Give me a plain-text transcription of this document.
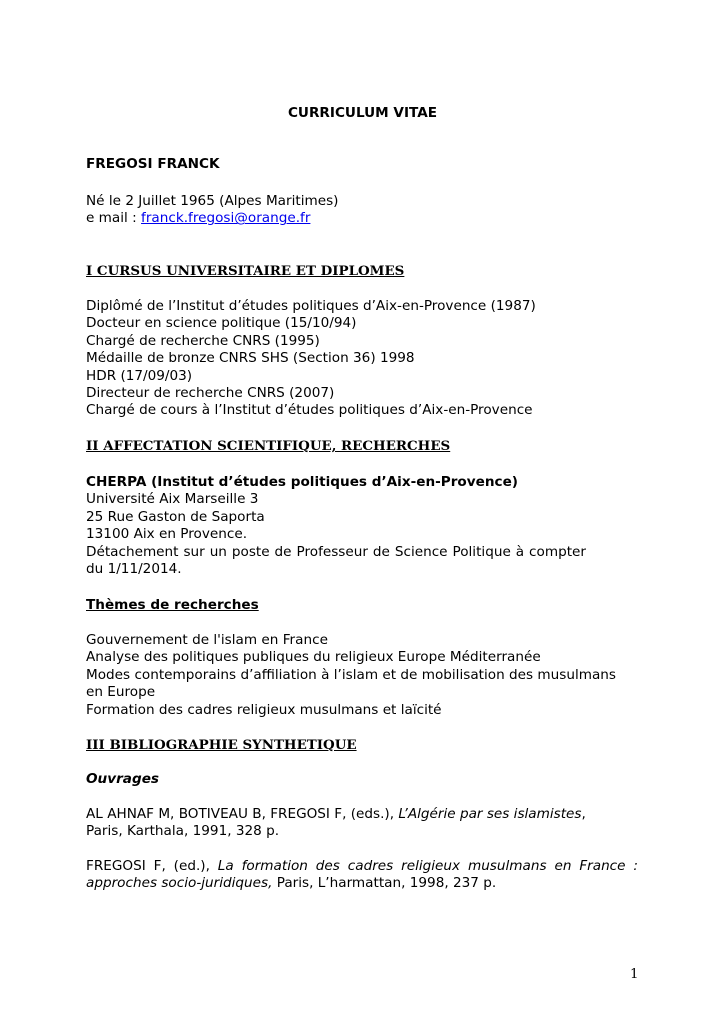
CURRICULUM VITAE
FREGOSI FRANCK
Né le 2 Juillet 1965 (Alpes Maritimes)
e mail : franck.fregosi@orange.fr
I CURSUS UNIVERSITAIRE ET DIPLOMES
Diplômé de l’Institut d’études politiques d’Aix-en-Provence (1987)
Docteur en science politique (15/10/94)
Chargé de recherche CNRS (1995)
Médaille de bronze CNRS SHS (Section 36) 1998
HDR (17/09/03)
Directeur de recherche CNRS (2007)
Chargé de cours à l’Institut d’études politiques d’Aix-en-Provence
II AFFECTATION SCIENTIFIQUE, RECHERCHES
CHERPA (Institut d’études politiques d’Aix-en-Provence)
Université Aix Marseille 3
25 Rue Gaston de Saporta
13100 Aix en Provence.
Détachement sur un poste de Professeur de Science Politique à compter du 1/11/2014.
Thèmes de recherches
Gouvernement de l'islam en France
Analyse des politiques publiques du religieux Europe Méditerranée
Modes contemporains d’affiliation à l’islam et de mobilisation des musulmans en Europe
Formation des cadres religieux musulmans et laïcité
III BIBLIOGRAPHIE SYNTHETIQUE
Ouvrages
AL AHNAF M, BOTIVEAU B, FREGOSI F, (eds.), L’Algérie par ses islamistes, Paris, Karthala, 1991, 328 p.
FREGOSI F, (ed.), La formation des cadres religieux musulmans en France : approches socio-juridiques, Paris, L’harmattan, 1998, 237 p.
1
